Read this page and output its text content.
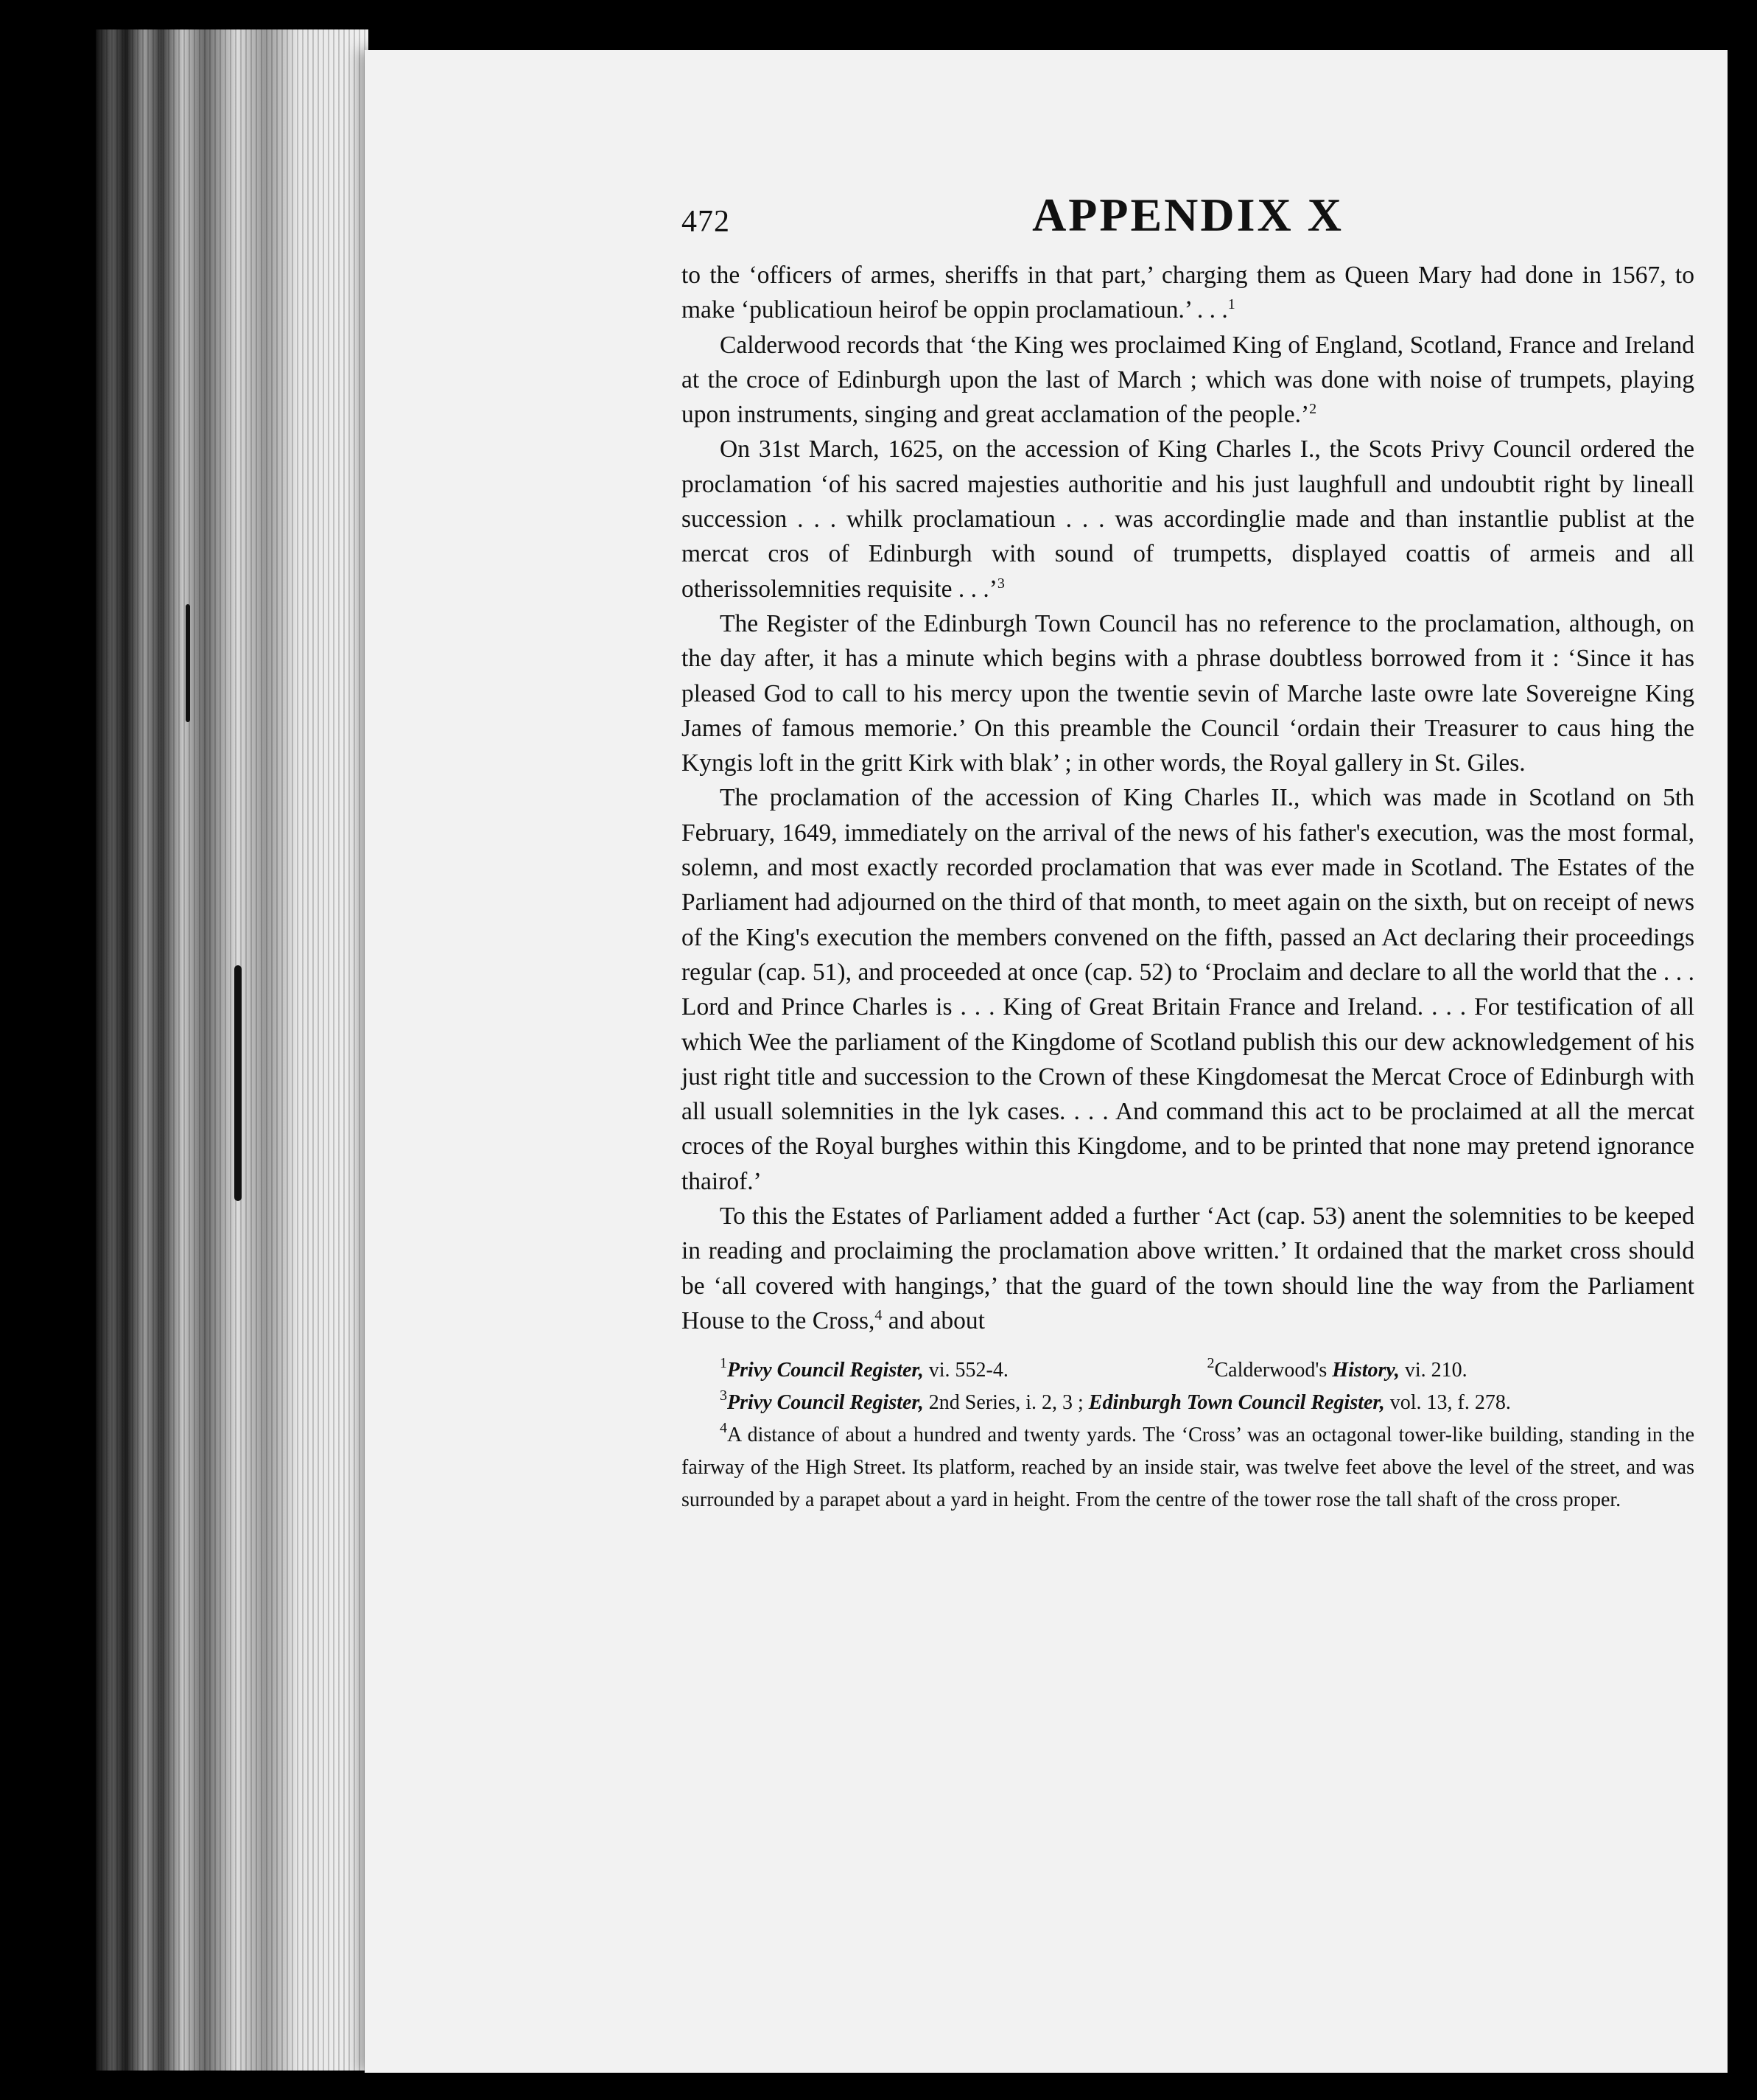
472	APPENDIX X

to the ‘officers of armes, sheriffs in that part,’ charging them as Queen Mary had done in 1567, to make ‘publicatioun heirof be oppin proclamatioun.’ . . .$^1$

Calderwood records that ‘the King wes proclaimed King of England, Scotland, France and Ireland at the croce of Edinburgh upon the last of March ; which was done with noise of trumpets, playing upon instruments, singing and great acclamation of the people.’$^2$

On 31st March, 1625, on the accession of King Charles I., the Scots Privy Council ordered the proclamation ‘of his sacred majesties authoritie and his just laughfull and undoubtit right by lineall succession . . . whilk proclamatioun . . . was accordinglie made and than instantlie publist at the mercat cros of Edinburgh with sound of trumpetts, displayed coattis of armeis and all otherissolemnities requisite . . .’$^3$

The Register of the Edinburgh Town Council has no reference to the proclamation, although, on the day after, it has a minute which begins with a phrase doubtless borrowed from it : ‘Since it has pleased God to call to his mercy upon the twentie sevin of Marche laste owre late Sovereigne King James of famous memorie.’ On this preamble the Council ‘ordain their Treasurer to caus hing the Kyngis loft in the gritt Kirk with blak’ ; in other words, the Royal gallery in St. Giles.

The proclamation of the accession of King Charles II., which was made in Scotland on 5th February, 1649, immediately on the arrival of the news of his father's execution, was the most formal, solemn, and most exactly recorded proclamation that was ever made in Scotland. The Estates of the Parliament had adjourned on the third of that month, to meet again on the sixth, but on receipt of news of the King's execution the members convened on the fifth, passed an Act declaring their proceedings regular (cap. 51), and proceeded at once (cap. 52) to ‘Proclaim and declare to all the world that the . . . Lord and Prince Charles is . . . King of Great Britain France and Ireland. . . . For testification of all which Wee the parliament of the Kingdome of Scotland publish this our dew acknowledgement of his just right title and succession to the Crown of these Kingdomesat the Mercat Croce of Edinburgh with all usuall solemnities in the lyk cases. . . . And command this act to be proclaimed at all the mercat croces of the Royal burghes within this Kingdome, and to be printed that none may pretend ignorance thairof.’

To this the Estates of Parliament added a further ‘Act (cap. 53) anent the solemnities to be keeped in reading and proclaiming the proclamation above written.’ It ordained that the market cross should be ‘all covered with hangings,’ that the guard of the town should line the way from the Parliament House to the Cross,$^4$ and about

$^1$Privy Council Register, vi. 552-4.	$^2$Calderwood's History, vi. 210.
$^3$Privy Council Register, 2nd Series, i. 2, 3 ; Edinburgh Town Council Register, vol. 13, f. 278.
$^4$A distance of about a hundred and twenty yards. The ‘Cross’ was an octagonal tower-like building, standing in the fairway of the High Street. Its platform, reached by an inside stair, was twelve feet above the level of the street, and was surrounded by a parapet about a yard in height. From the centre of the tower rose the tall shaft of the cross proper.
